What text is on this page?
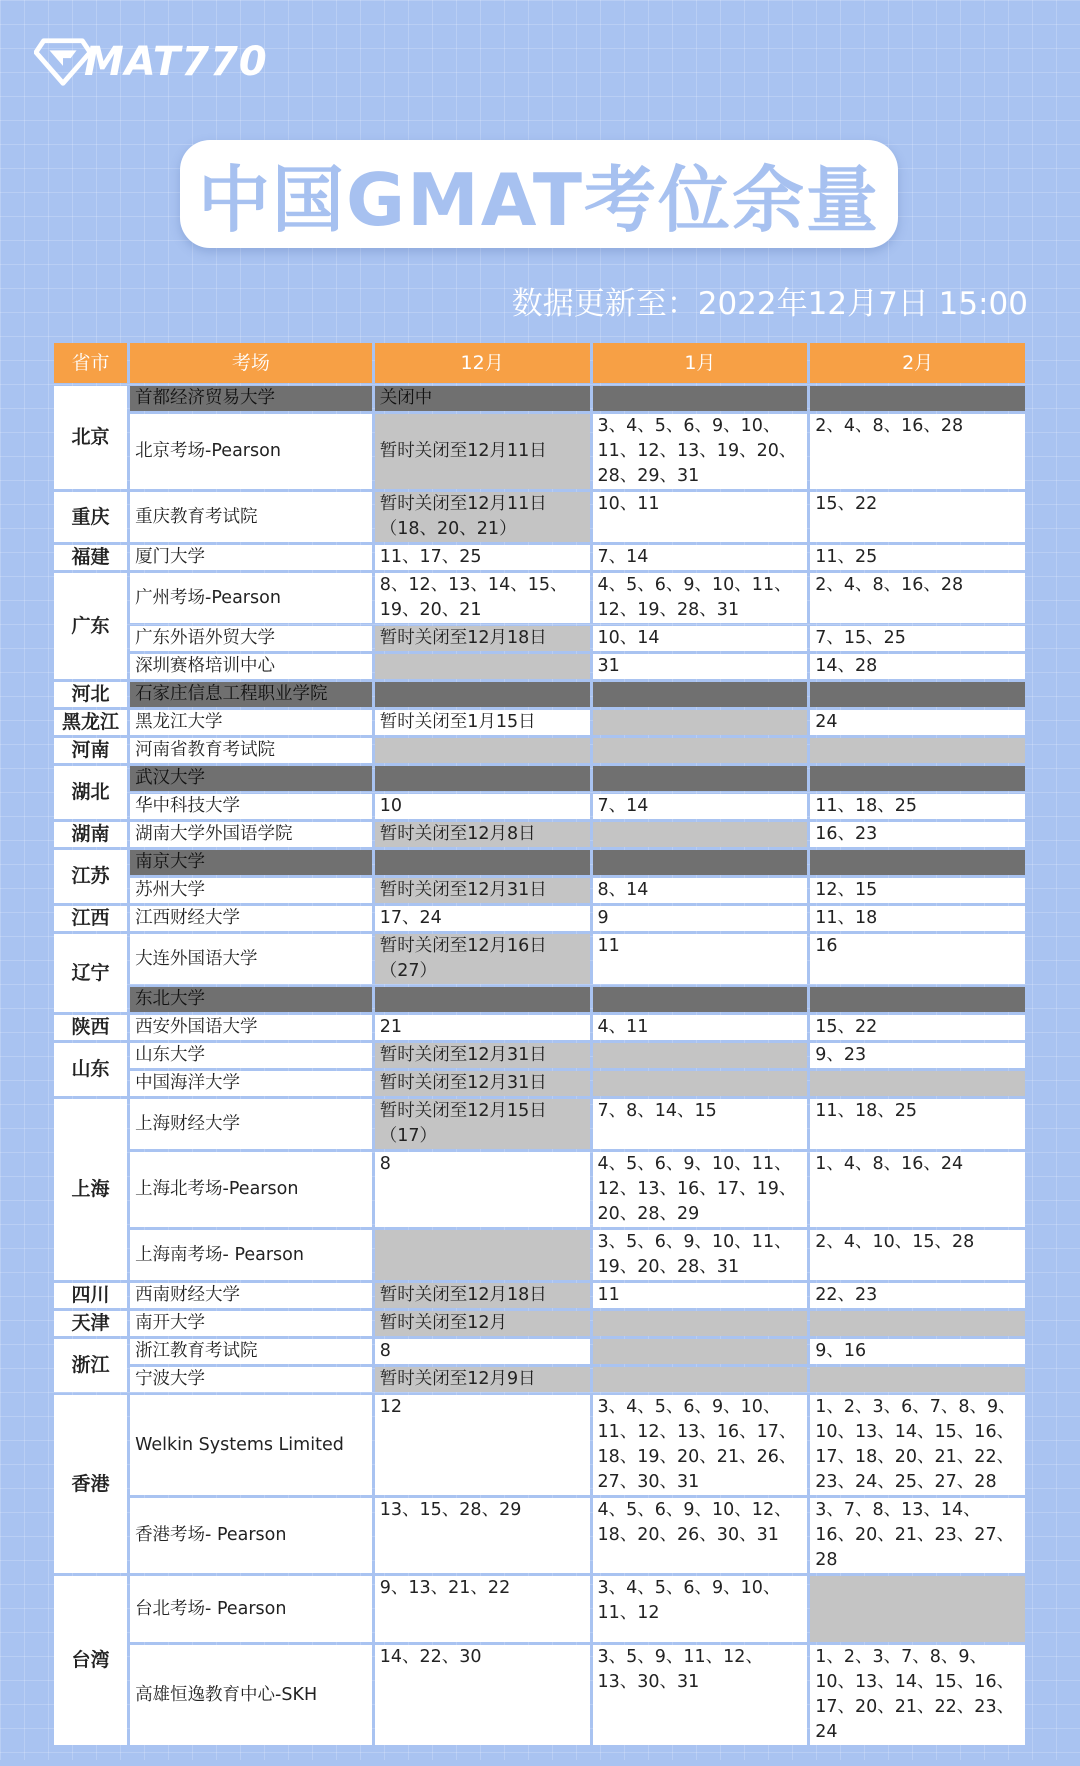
MAT770
中国GMAT考位余量
数据更新至：2022年12月7日 15:00
省市	考场	12月	1月	2月
北京	首都经济贸易大学	关闭中		
	北京考场-Pearson	暂时关闭至12月11日	3、4、5、6、9、10、11、12、13、19、20、28、29、31	2、4、8、16、28
重庆	重庆教育考试院	暂时关闭至12月11日（18、20、21）	10、11	15、22
福建	厦门大学	11、17、25	7、14	11、25
广东	广州考场-Pearson	8、12、13、14、15、19、20、21	4、5、6、9、10、11、12、19、28、31	2、4、8、16、28
	广东外语外贸大学	暂时关闭至12月18日	10、14	7、15、25
	深圳赛格培训中心		31	14、28
河北	石家庄信息工程职业学院			
黑龙江	黑龙江大学	暂时关闭至1月15日		24
河南	河南省教育考试院			
湖北	武汉大学			
	华中科技大学	10	7、14	11、18、25
湖南	湖南大学外国语学院	暂时关闭至12月8日		16、23
江苏	南京大学			
	苏州大学	暂时关闭至12月31日	8、14	12、15
江西	江西财经大学	17、24	9	11、18
辽宁	大连外国语大学	暂时关闭至12月16日（27）	11	16
	东北大学			
陕西	西安外国语大学	21	4、11	15、22
山东	山东大学	暂时关闭至12月31日		9、23
	中国海洋大学	暂时关闭至12月31日		
上海	上海财经大学	暂时关闭至12月15日（17）	7、8、14、15	11、18、25
	上海北考场-Pearson	8	4、5、6、9、10、11、12、13、16、17、19、20、28、29	1、4、8、16、24
	上海南考场- Pearson		3、5、6、9、10、11、19、20、28、31	2、4、10、15、28
四川	西南财经大学	暂时关闭至12月18日	11	22、23
天津	南开大学	暂时关闭至12月		
浙江	浙江教育考试院	8		9、16
	宁波大学	暂时关闭至12月9日		
香港	Welkin Systems Limited	12	3、4、5、6、9、10、11、12、13、16、17、18、19、20、21、26、27、30、31	1、2、3、6、7、8、9、10、13、14、15、16、17、18、20、21、22、23、24、25、27、28
	香港考场- Pearson	13、15、28、29	4、5、6、9、10、12、18、20、26、30、31	3、7、8、13、14、16、20、21、23、27、28
台湾	台北考场- Pearson	9、13、21、22	3、4、5、6、9、10、11、12	
	高雄恒逸教育中心-SKH	14、22、30	3、5、9、11、12、13、30、31	1、2、3、7、8、9、10、13、14、15、16、17、20、21、22、23、24
